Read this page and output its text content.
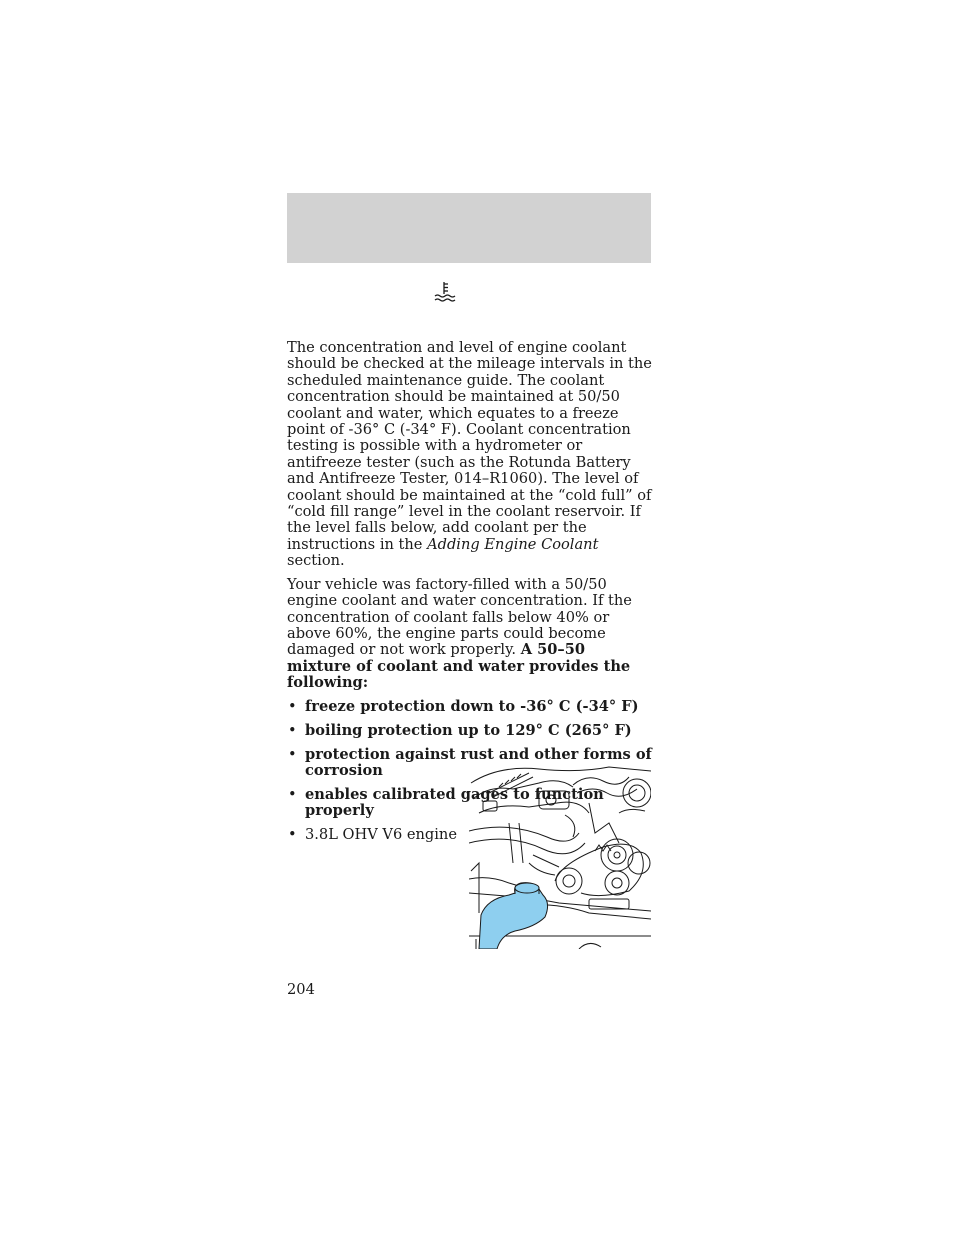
The concentration and level of engine coolant should be checked at the mileage intervals in the scheduled maintenance guide. The coolant concentration should be maintained at 50/50 coolant and water, which equates to a freeze point of -36° C (-34° F). Coolant concentration testing is possible with a hydrometer or antifreeze tester (such as the Rotunda Battery and Antifreeze Tester, 014–R1060). The level of coolant should be maintained at the “cold full” of “cold fill range” level in the coolant reservoir. If the level falls below, add coolant per the instructions in the Adding Engine Coolant section.

Your vehicle was factory-filled with a 50/50 engine coolant and water concentration. If the concentration of coolant falls below 40% or above 60%, the engine parts could become damaged or not work properly. A 50–50 mixture of coolant and water provides the following:

• freeze protection down to -36° C (-34° F)
• boiling protection up to 129° C (265° F)
• protection against rust and other forms of corrosion
• enables calibrated gages to function properly
• 3.8L OHV V6 engine
204
